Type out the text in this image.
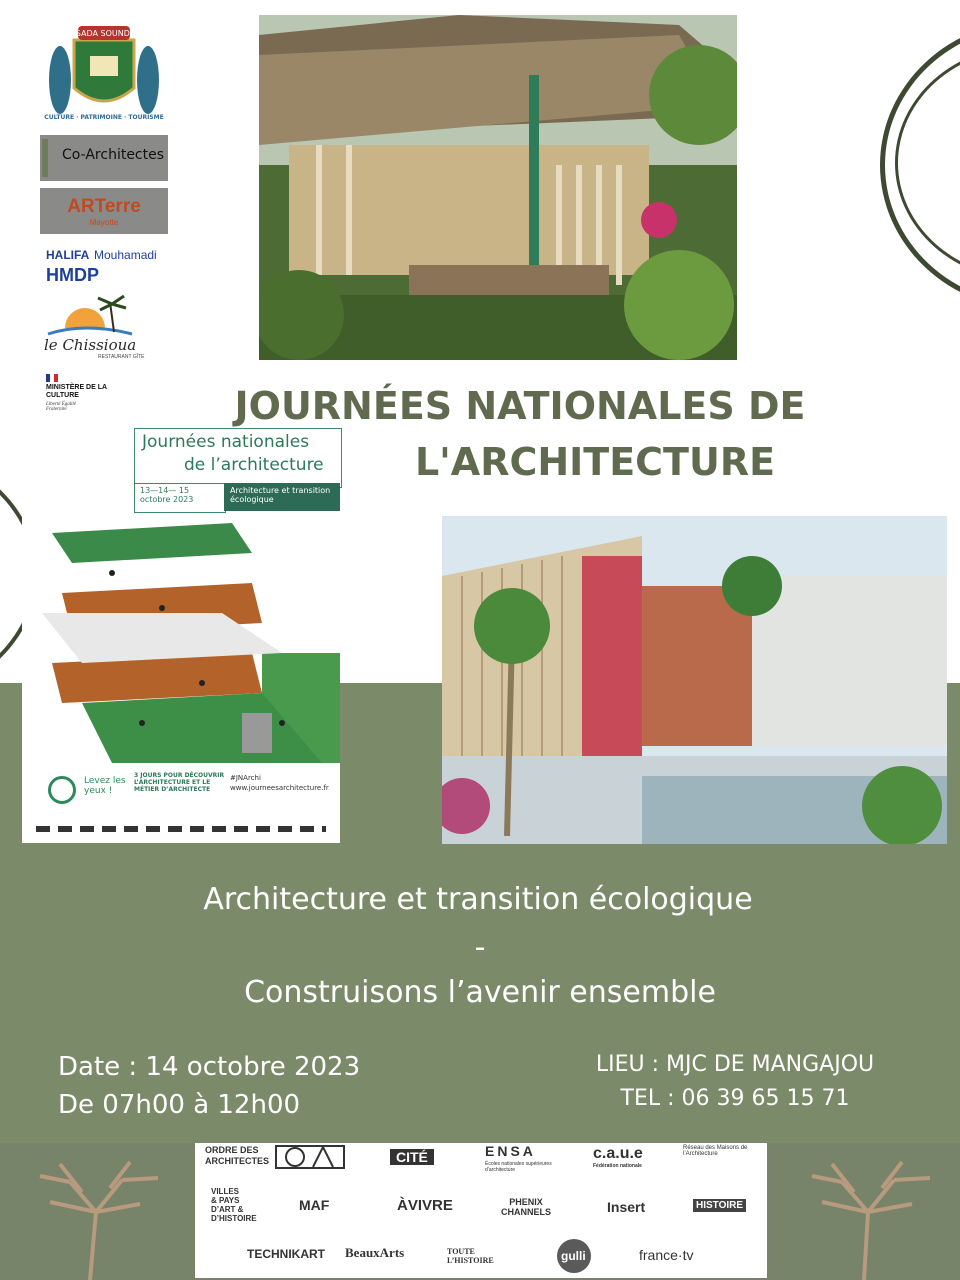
SADA SOUNDI
CULTURE · PATRIMOINE · TOURISME
Co-Architectes
ARTerre
Mayotte
HALIFA Mouhamadi
HMDP
le Chissioua
RESTAURANT GÎTE
MINISTÈRE DE LA CULTURE
Liberté Égalité Fraternité	JOURNÉES NATIONALES DE
L'ARCHITECTURE
Journées nationales
de l’architecture
13—14— 15 octobre 2023
Architecture et transition écologique
Levez les yeux !
3 JOURS POUR DÉCOUVRIR L’ARCHITECTURE ET LE MÉTIER D’ARCHITECTE
#JNArchi
www.journeesarchitecture.fr
Architecture et transition écologique
-
Construisons l’avenir ensemble
Date : 14 octobre 2023
De 07h00 à 12h00
LIEU : MJC DE MANGAJOU
TEL : 06 39 65 15 71
ORDRE DES ARCHITECTES	CITÉ	ENSA
Écoles nationales supérieures d’architecture
c.a.u.e
Fédération nationale
Réseau des Maisons de l’Architecture
VILLES & PAYS D’ART & D’HISTOIRE
MAF	ÀVIVRE	PHENIX CHANNELS	Insert	HISTOIRE
TECHNIKART BeauxArts	TOUTE L’HISTOIRE	gulli	france·tv
